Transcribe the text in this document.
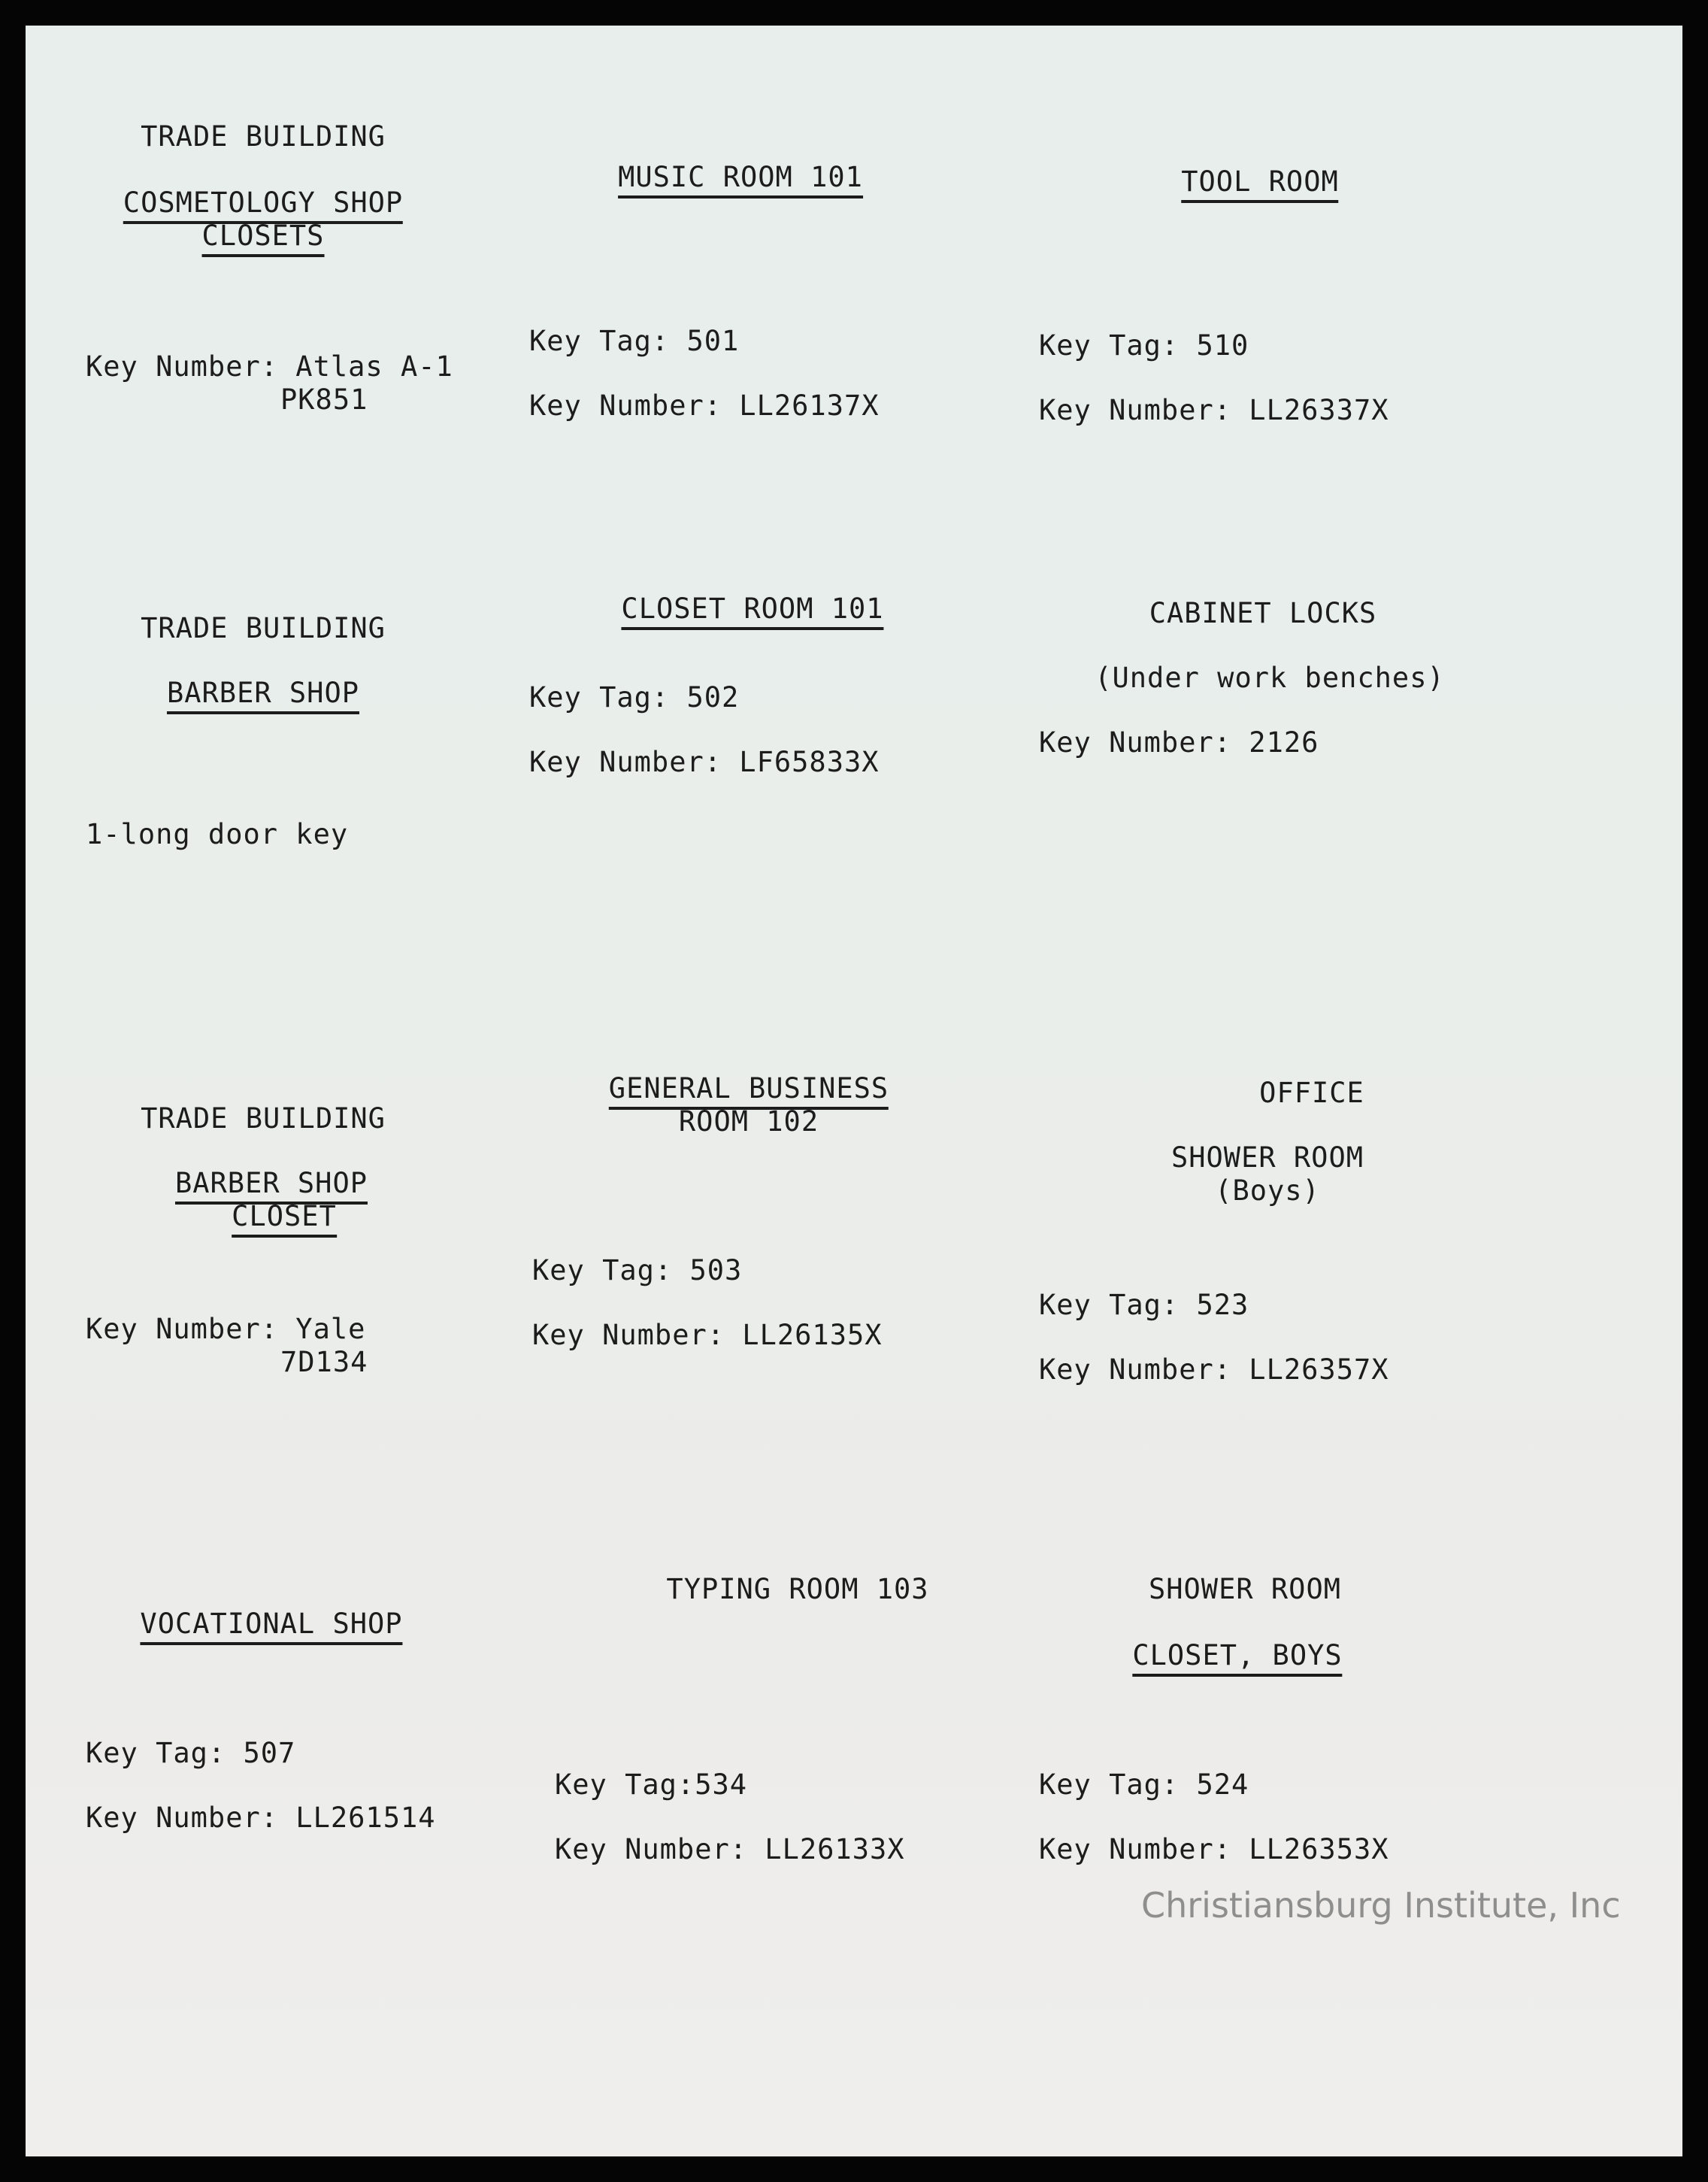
TRADE BUILDING
COSMETOLOGY SHOP
CLOSETS
Key Number: Atlas A-1
PK851
MUSIC ROOM 101
Key Tag: 501
Key Number: LL26137X
TOOL ROOM
Key Tag: 510
Key Number: LL26337X
TRADE BUILDING
BARBER SHOP
1-long door key
CLOSET ROOM 101
Key Tag: 502
Key Number: LF65833X
CABINET LOCKS
(Under work benches)
Key Number: 2126
TRADE BUILDING
BARBER SHOP
CLOSET
Key Number: Yale
7D134
GENERAL BUSINESS
ROOM 102
Key Tag: 503
Key Number: LL26135X
OFFICE
SHOWER ROOM
(Boys)
Key Tag: 523
Key Number: LL26357X
VOCATIONAL SHOP
Key Tag: 507
Key Number: LL261514
TYPING ROOM 103
Key Tag:534
Key Number: LL26133X
SHOWER ROOM
CLOSET, BOYS
Key Tag: 524
Key Number: LL26353X
Christiansburg Institute, Inc
